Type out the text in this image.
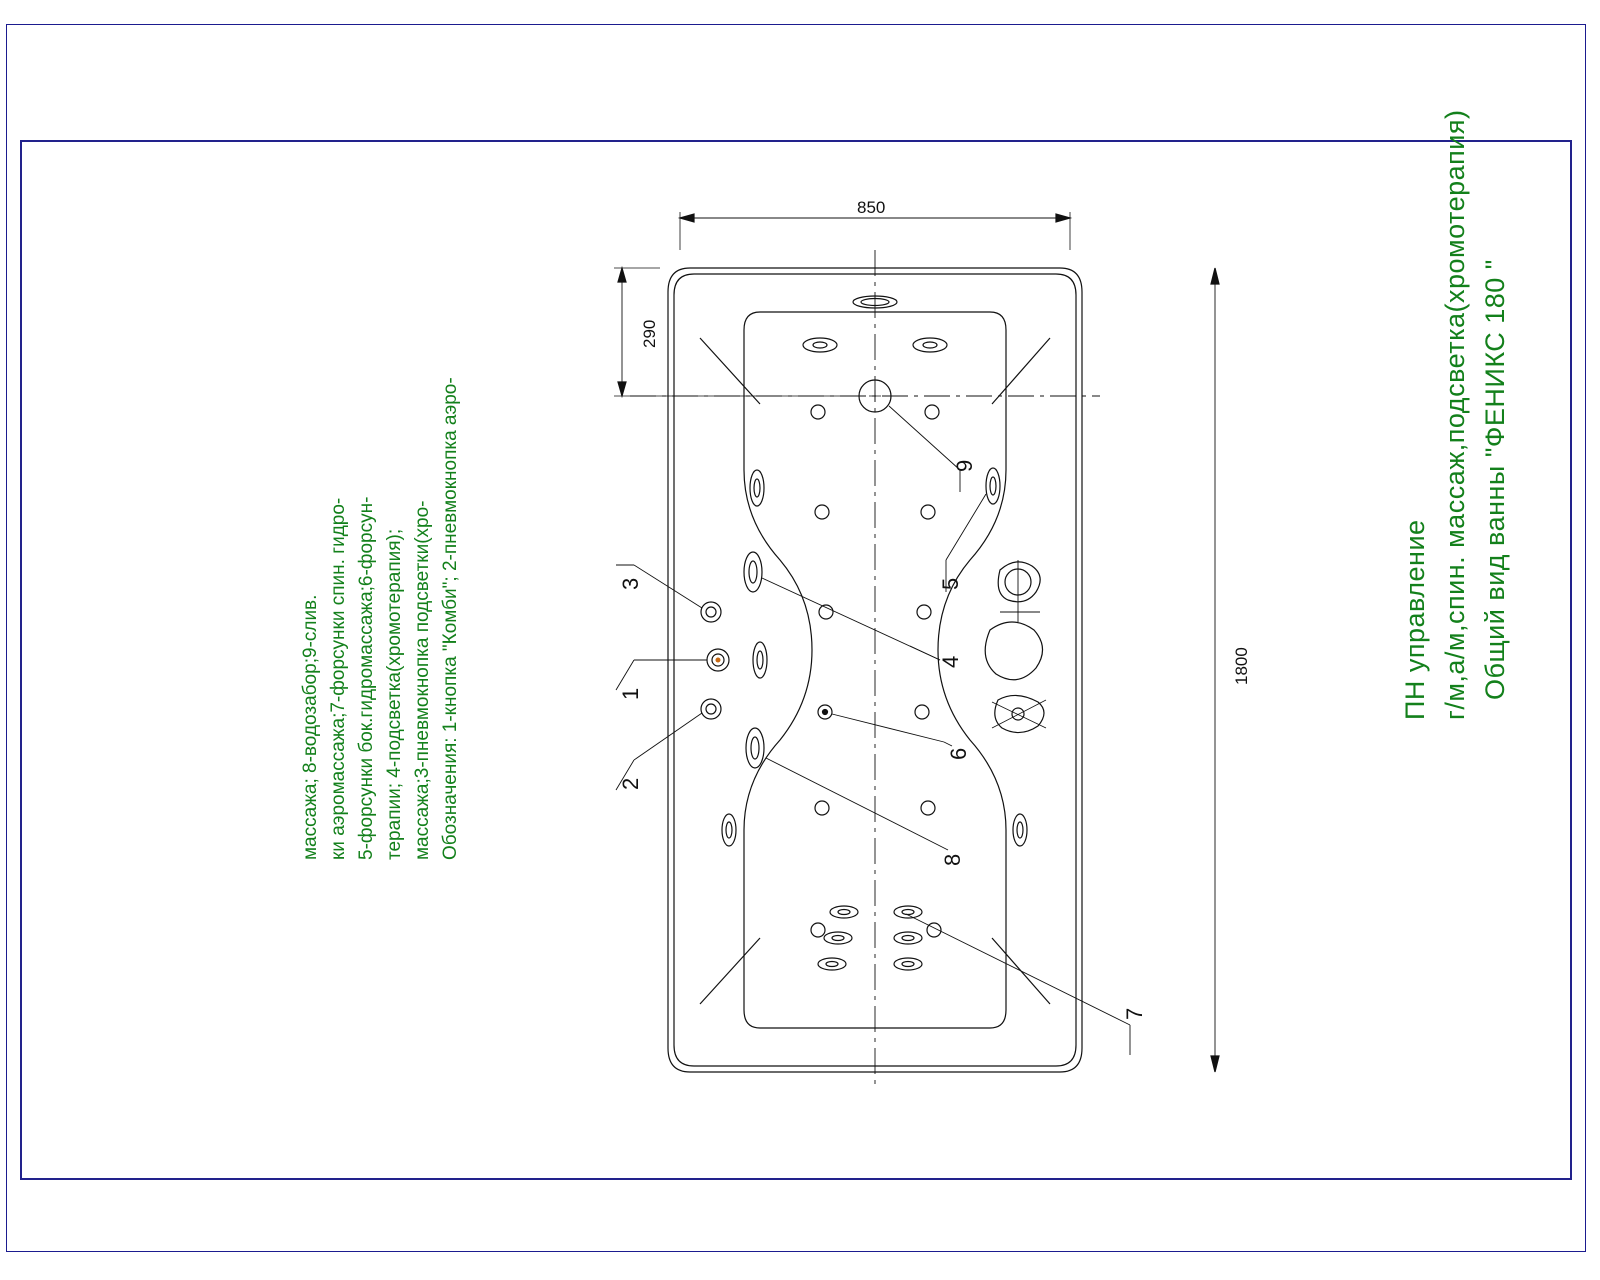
850
290
1800
9
5
4
6
8
7
3
1
2
Общий вид ванны "ФЕНИКС 180 "
г/м,а/м,спин. массаж,подсветка(хромотерапия)
ПН управление
Обозначения: 1-кнопка "Комби"; 2-пневмокнопка аэро-
массажа;3-пневмокнопка подсветки(хро-
терапии; 4-подсветка(хромотерапия);
5-форсунки бок.гидромассажа;6-форсун-
ки аэромассажа;7-форсунки спин. гидро-
массажа; 8-водозабор;9-слив.
